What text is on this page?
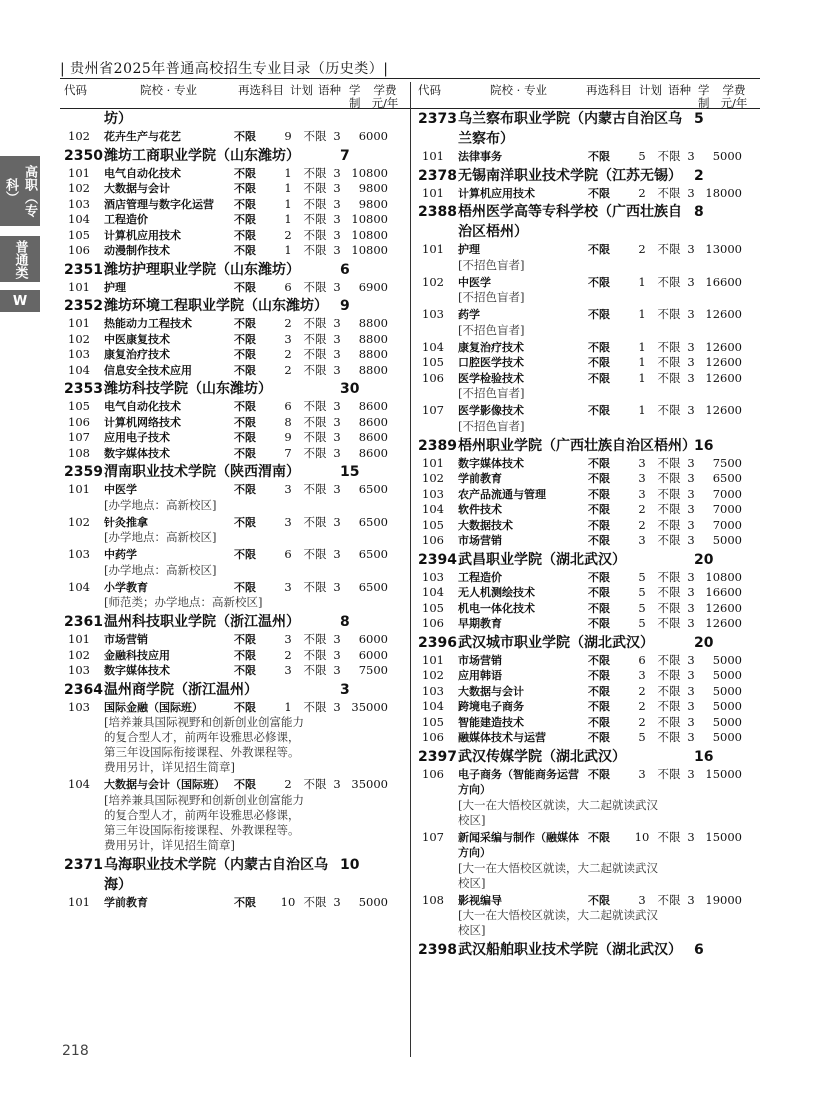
| 贵州省2025年普通高校招生专业目录（历史类）|
代码	院校 · 专业	再选科目 计划 语种 学制
学费元/年
代码	院校 · 专业	再选科目 计划 语种 学制
学费元/年
高职（专科）
普通类
W
坊）
102	花卉生产与花艺	不限	9	不限 3	6000
2350 潍坊工商职业学院（山东潍坊）	7
101	电气自动化技术	不限	1	不限 3 10800
102	大数据与会计	不限	1	不限 3	9800
103	酒店管理与数字化运营	不限	1	不限 3	9800
104	工程造价	不限	1	不限 3 10800
105	计算机应用技术	不限	2	不限 3 10800
106	动漫制作技术	不限	1	不限 3 10800
2351 潍坊护理职业学院（山东潍坊）	6
101	护理	不限	6	不限 3	6900
2352 潍坊环境工程职业学院（山东潍坊） 9
101	热能动力工程技术	不限	2	不限 3	8800
102	中医康复技术	不限	3	不限 3	8800
103	康复治疗技术	不限	2	不限 3	8800
104	信息安全技术应用	不限	2	不限 3	8800
2353 潍坊科技学院（山东潍坊）	30
105	电气自动化技术	不限	6	不限 3	8600
106	计算机网络技术	不限	8	不限 3	8600
107	应用电子技术	不限	9	不限 3	8600
108	数字媒体技术	不限	7	不限 3	8600
2359 渭南职业技术学院（陕西渭南）	15
101	中医学	不限	3	不限 3	6500
[办学地点：高新校区]
102	针灸推拿	不限	3	不限 3	6500
[办学地点：高新校区]
103	中药学	不限	6	不限 3	6500
[办学地点：高新校区]
104	小学教育	不限	3	不限 3	6500
[师范类；办学地点：高新校区]
2361 温州科技职业学院（浙江温州）	8
101	市场营销	不限	3	不限 3	6000
102	金融科技应用	不限	2	不限 3	6000
103	数字媒体技术	不限	3	不限 3	7500
2364 温州商学院（浙江温州）	3
103	国际金融（国际班）	不限	1	不限 3 35000
[培养兼具国际视野和创新创业创富能力的复合型人才，前两年设雅思必修课，第三年设国际衔接课程、外教课程等。费用另计，详见招生简章]
104	大数据与会计（国际班） 不限	2	不限 3 35000
[培养兼具国际视野和创新创业创富能力的复合型人才，前两年设雅思必修课，第三年设国际衔接课程、外教课程等。费用另计，详见招生简章]
2371 乌海职业技术学院（内蒙古自治区乌海）
10
101	学前教育	不限	10 不限 3	5000
2373 乌兰察布职业学院（内蒙古自治区乌兰察布）
5
101	法律事务	不限	5	不限 3	5000
2378 无锡南洋职业技术学院（江苏无锡） 2
101	计算机应用技术	不限	2	不限 3 18000
2388 梧州医学高等专科学校（广西壮族自治区梧州）
8
101	护理	不限	2	不限 3 13000
[不招色盲者]
102	中医学	不限	1	不限 3 16600
[不招色盲者]
103	药学	不限	1	不限 3 12600
[不招色盲者]
104	康复治疗技术	不限	1	不限 3 12600
105	口腔医学技术	不限	1	不限 3 12600
106	医学检验技术	不限	1	不限 3 12600
[不招色盲者]
107	医学影像技术	不限	1	不限 3 12600
[不招色盲者]
2389 梧州职业学院（广西壮族自治区梧州）
16
101	数字媒体技术	不限	3	不限 3	7500
102	学前教育	不限	3	不限 3	6500
103	农产品流通与管理	不限	3	不限 3	7000
104	软件技术	不限	2	不限 3	7000
105	大数据技术	不限	2	不限 3	7000
106	市场营销	不限	3	不限 3	5000
2394 武昌职业学院（湖北武汉）	20
103	工程造价	不限	5	不限 3 10800
104	无人机测绘技术	不限	5	不限 3 16600
105	机电一体化技术	不限	5	不限 3 12600
106	早期教育	不限	5	不限 3 12600
2396 武汉城市职业学院（湖北武汉）	20
101	市场营销	不限	6	不限 3	5000
102	应用韩语	不限	3	不限 3	5000
103	大数据与会计	不限	2	不限 3	5000
104	跨境电子商务	不限	2	不限 3	5000
105	智能建造技术	不限	2	不限 3	5000
106	融媒体技术与运营	不限	5	不限 3	5000
2397 武汉传媒学院（湖北武汉）	16
106	电子商务（智能商务运营方向）
不限	3	不限 3 15000
[大一在大悟校区就读，大二起就读武汉校区]
107	新闻采编与制作（融媒体方向）
不限	10 不限 3 15000
[大一在大悟校区就读，大二起就读武汉校区]
108	影视编导	不限	3	不限 3 19000
[大一在大悟校区就读，大二起就读武汉校区]
2398 武汉船舶职业技术学院（湖北武汉） 6
218
